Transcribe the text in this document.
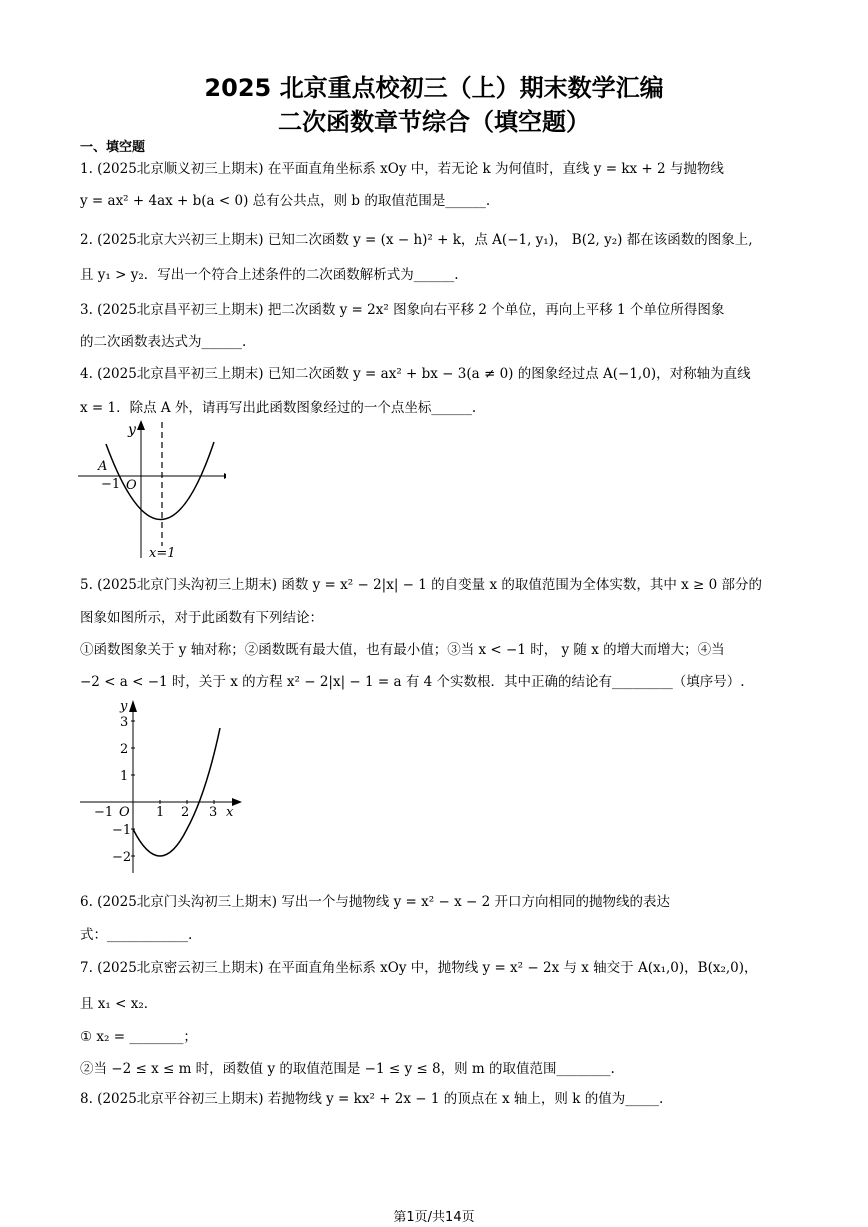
2025 北京重点校初三（上）期末数学汇编
二次函数章节综合（填空题）
一、填空题
1. (2025北京顺义初三上期末) 在平面直角坐标系 xOy 中，若无论 k 为何值时，直线 y = kx + 2 与抛物线
y = ax² + 4ax + b(a < 0) 总有公共点，则 b 的取值范围是______.
2. (2025北京大兴初三上期末) 已知二次函数 y = (x − h)² + k，点 A(−1, y₁)， B(2, y₂) 都在该函数的图象上,
且 y₁ > y₂．写出一个符合上述条件的二次函数解析式为______.
3. (2025北京昌平初三上期末) 把二次函数 y = 2x² 图象向右平移 2 个单位，再向上平移 1 个单位所得图象
的二次函数表达式为______.
4. (2025北京昌平初三上期末) 已知二次函数 y = ax² + bx − 3(a ≠ 0) 的图象经过点 A(−1,0)，对称轴为直线
x = 1．除点 A 外，请再写出此函数图象经过的一个点坐标______.
y
A
−1 O
x=1
5. (2025北京门头沟初三上期末) 函数 y = x² − 2|x| − 1 的自变量 x 的取值范围为全体实数，其中 x ≥ 0 部分的
图象如图所示，对于此函数有下列结论：
①函数图象关于 y 轴对称；②函数既有最大值，也有最小值；③当 x < −1 时， y 随 x 的增大而增大；④当
−2 < a < −1 时，关于 x 的方程 x² − 2|x| − 1 = a 有 4 个实数根．其中正确的结论有_________（填序号）.
y
3
2
1
−1
−2
−1 O 1 2 3 x
6. (2025北京门头沟初三上期末) 写出一个与抛物线 y = x² − x − 2 开口方向相同的抛物线的表达
式：____________.
7. (2025北京密云初三上期末) 在平面直角坐标系 xOy 中，抛物线 y = x² − 2x 与 x 轴交于 A(x₁,0)，B(x₂,0)，
且 x₁ < x₂．
① x₂ = ________；
②当 −2 ≤ x ≤ m 时，函数值 y 的取值范围是 −1 ≤ y ≤ 8，则 m 的取值范围________.
8. (2025北京平谷初三上期末) 若抛物线 y = kx² + 2x − 1 的顶点在 x 轴上，则 k 的值为_____.
第1页/共14页
